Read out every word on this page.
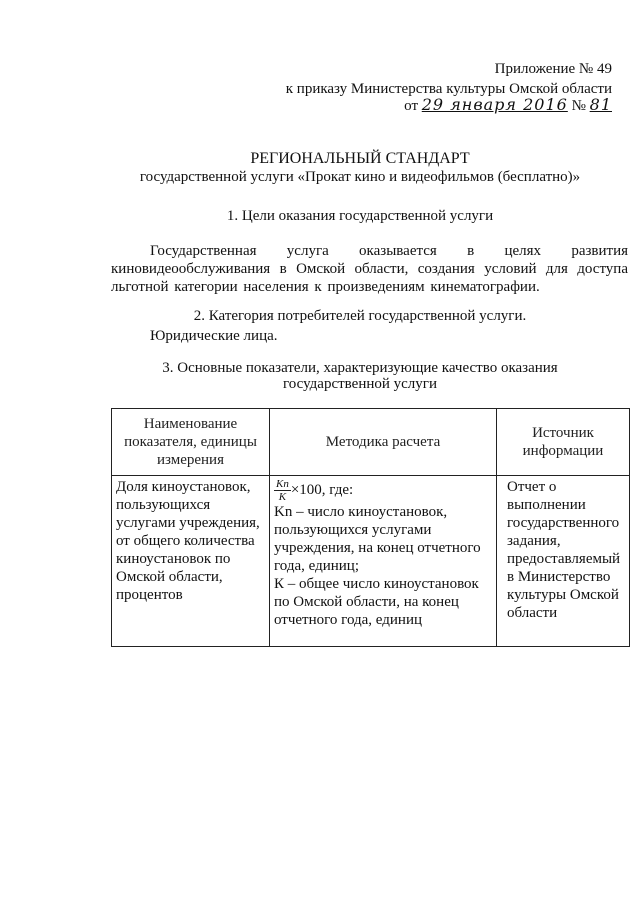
Приложение № 49
к приказу Министерства культуры Омской области
от 29 января 2016 № 81
РЕГИОНАЛЬНЫЙ СТАНДАРТ
государственной услуги «Прокат кино и видеофильмов (бесплатно)»
1. Цели оказания государственной услуги
Государственная услуга оказывается в целях развития киновидеообслуживания в Омской области, создания условий для доступа льготной категории населения к произведениям кинематографии.
2. Категория потребителей государственной услуги.
Юридические лица.
3. Основные показатели, характеризующие качество оказания
государственной услуги
Наименование показателя, единицы измерения	Методика расчета	Источник информации
Доля киноустановок, пользующихся услугами учреждения, от общего количества киноустановок по Омской области, процентов	$\frac{Kn}{K} \times 100$, где:
Kn – число киноустановок, пользующихся услугами учреждения, на конец отчетного года, единиц;
К – общее число киноустановок по Омской области, на конец отчетного года, единиц	Отчет о выполнении государственного задания, предоставляемый в Министерство культуры Омской области
